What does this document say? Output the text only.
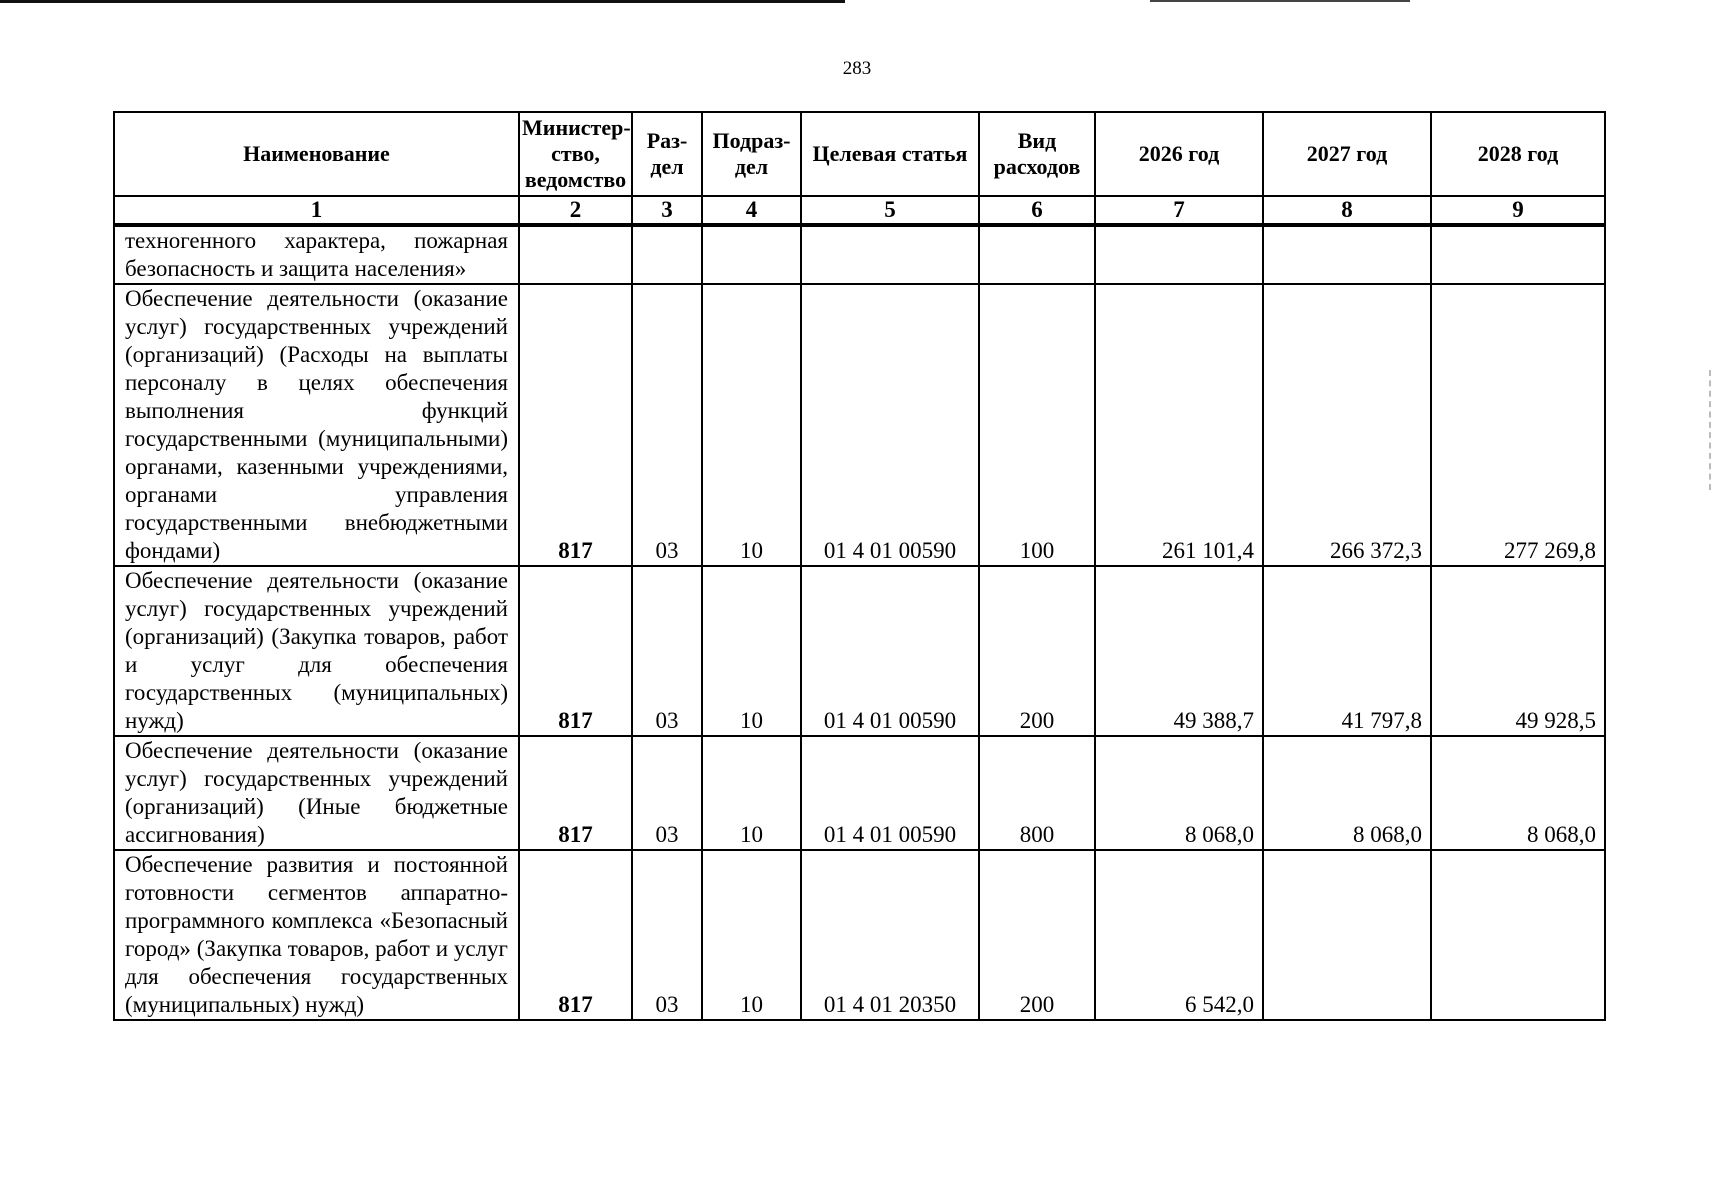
283
Наименование	Министер-ство, ведомство	Раз-дел	Подраз-дел	Целевая статья	Вид расходов	2026 год	2027 год	2028 год
1	2	3	4	5	6	7	8	9
техногенного характера, пожарная безопасность и защита населения»								
Обеспечение деятельности (оказание услуг) государственных учреждений (организаций) (Расходы на выплаты персоналу в целях обеспечения выполнения функций государственными (муниципальными) органами, казенными учреждениями, органами управления государственными внебюджетными фондами)	817	03	10	01 4 01 00590	100	261 101,4	266 372,3	277 269,8
Обеспечение деятельности (оказание услуг) государственных учреждений (организаций) (Закупка товаров, работ и услуг для обеспечения государственных (муниципальных) нужд)	817	03	10	01 4 01 00590	200	49 388,7	41 797,8	49 928,5
Обеспечение деятельности (оказание услуг) государственных учреждений (организаций) (Иные бюджетные ассигнования)	817	03	10	01 4 01 00590	800	8 068,0	8 068,0	8 068,0
Обеспечение развития и постоянной готовности сегментов аппаратно-программного комплекса «Безопасный город» (Закупка товаров, работ и услуг для обеспечения государственных (муниципальных) нужд)	817	03	10	01 4 01 20350	200	6 542,0		
